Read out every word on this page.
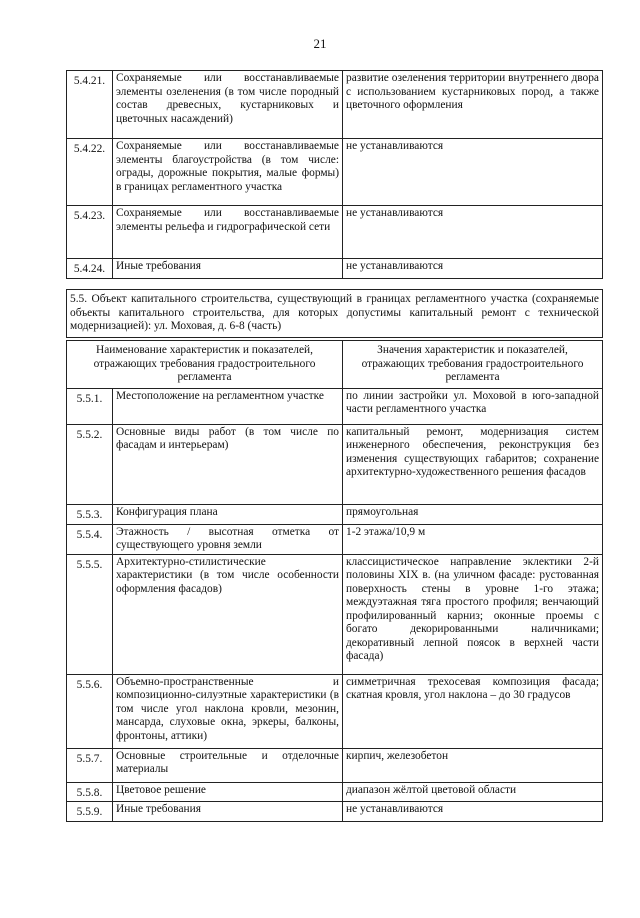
21
5.4.21.	Сохраняемые или восстанавливаемые элементы озеленения (в том числе породный состав древесных, кустарниковых и цветочных насаждений)	развитие озеленения территории внутреннего двора с использованием кустарниковых пород, а также цветочного оформления
5.4.22.	Сохраняемые или восстанавливаемые элементы благоустройства (в том числе: ограды, дорожные покрытия, малые формы) в границах регламентного участка	не устанавливаются
5.4.23.	Сохраняемые или восстанавливаемые элементы рельефа и гидрографической сети	не устанавливаются
5.4.24.	Иные требования	не устанавливаются
5.5. Объект капитального строительства, существующий в границах регламентного участка (сохраняемые объекты капитального строительства, для которых допустимы капитальный ремонт с технической модернизацией): ул. Моховая, д. 6-8 (часть)
Наименование характеристик и показателей, отражающих требования градостроительного регламента		Значения характеристик и показателей, отражающих требования градостроительного регламента
5.5.1.	Местоположение на регламентном участке	по линии застройки ул. Моховой в юго-западной части регламентного участка
5.5.2.	Основные виды работ (в том числе по фасадам и интерьерам)	капитальный ремонт, модернизация систем инженерного обеспечения, реконструкция без изменения существующих габаритов; сохранение архитектурно-художественного решения фасадов
5.5.3.	Конфигурация плана	прямоугольная
5.5.4.	Этажность / высотная отметка от существующего уровня земли	1-2 этажа/10,9 м
5.5.5.	Архитектурно-стилистические характеристики (в том числе особенности оформления фасадов)	классицистическое направление эклектики 2-й половины XIX в. (на уличном фасаде: рустованная поверхность стены в уровне 1-го этажа; междуэтажная тяга простого профиля; венчающий профилированный карниз; оконные проемы с богато декорированными наличниками; декоративный лепной поясок в верхней части фасада)
5.5.6.	Объемно-пространственные и композиционно-силуэтные характеристики (в том числе угол наклона кровли, мезонин, мансарда, слуховые окна, эркеры, балконы, фронтоны, аттики)	симметричная трехосевая композиция фасада; скатная кровля, угол наклона – до 30 градусов
5.5.7.	Основные строительные и отделочные материалы	кирпич, железобетон
5.5.8.	Цветовое решение	диапазон жёлтой цветовой области
5.5.9.	Иные требования	не устанавливаются
